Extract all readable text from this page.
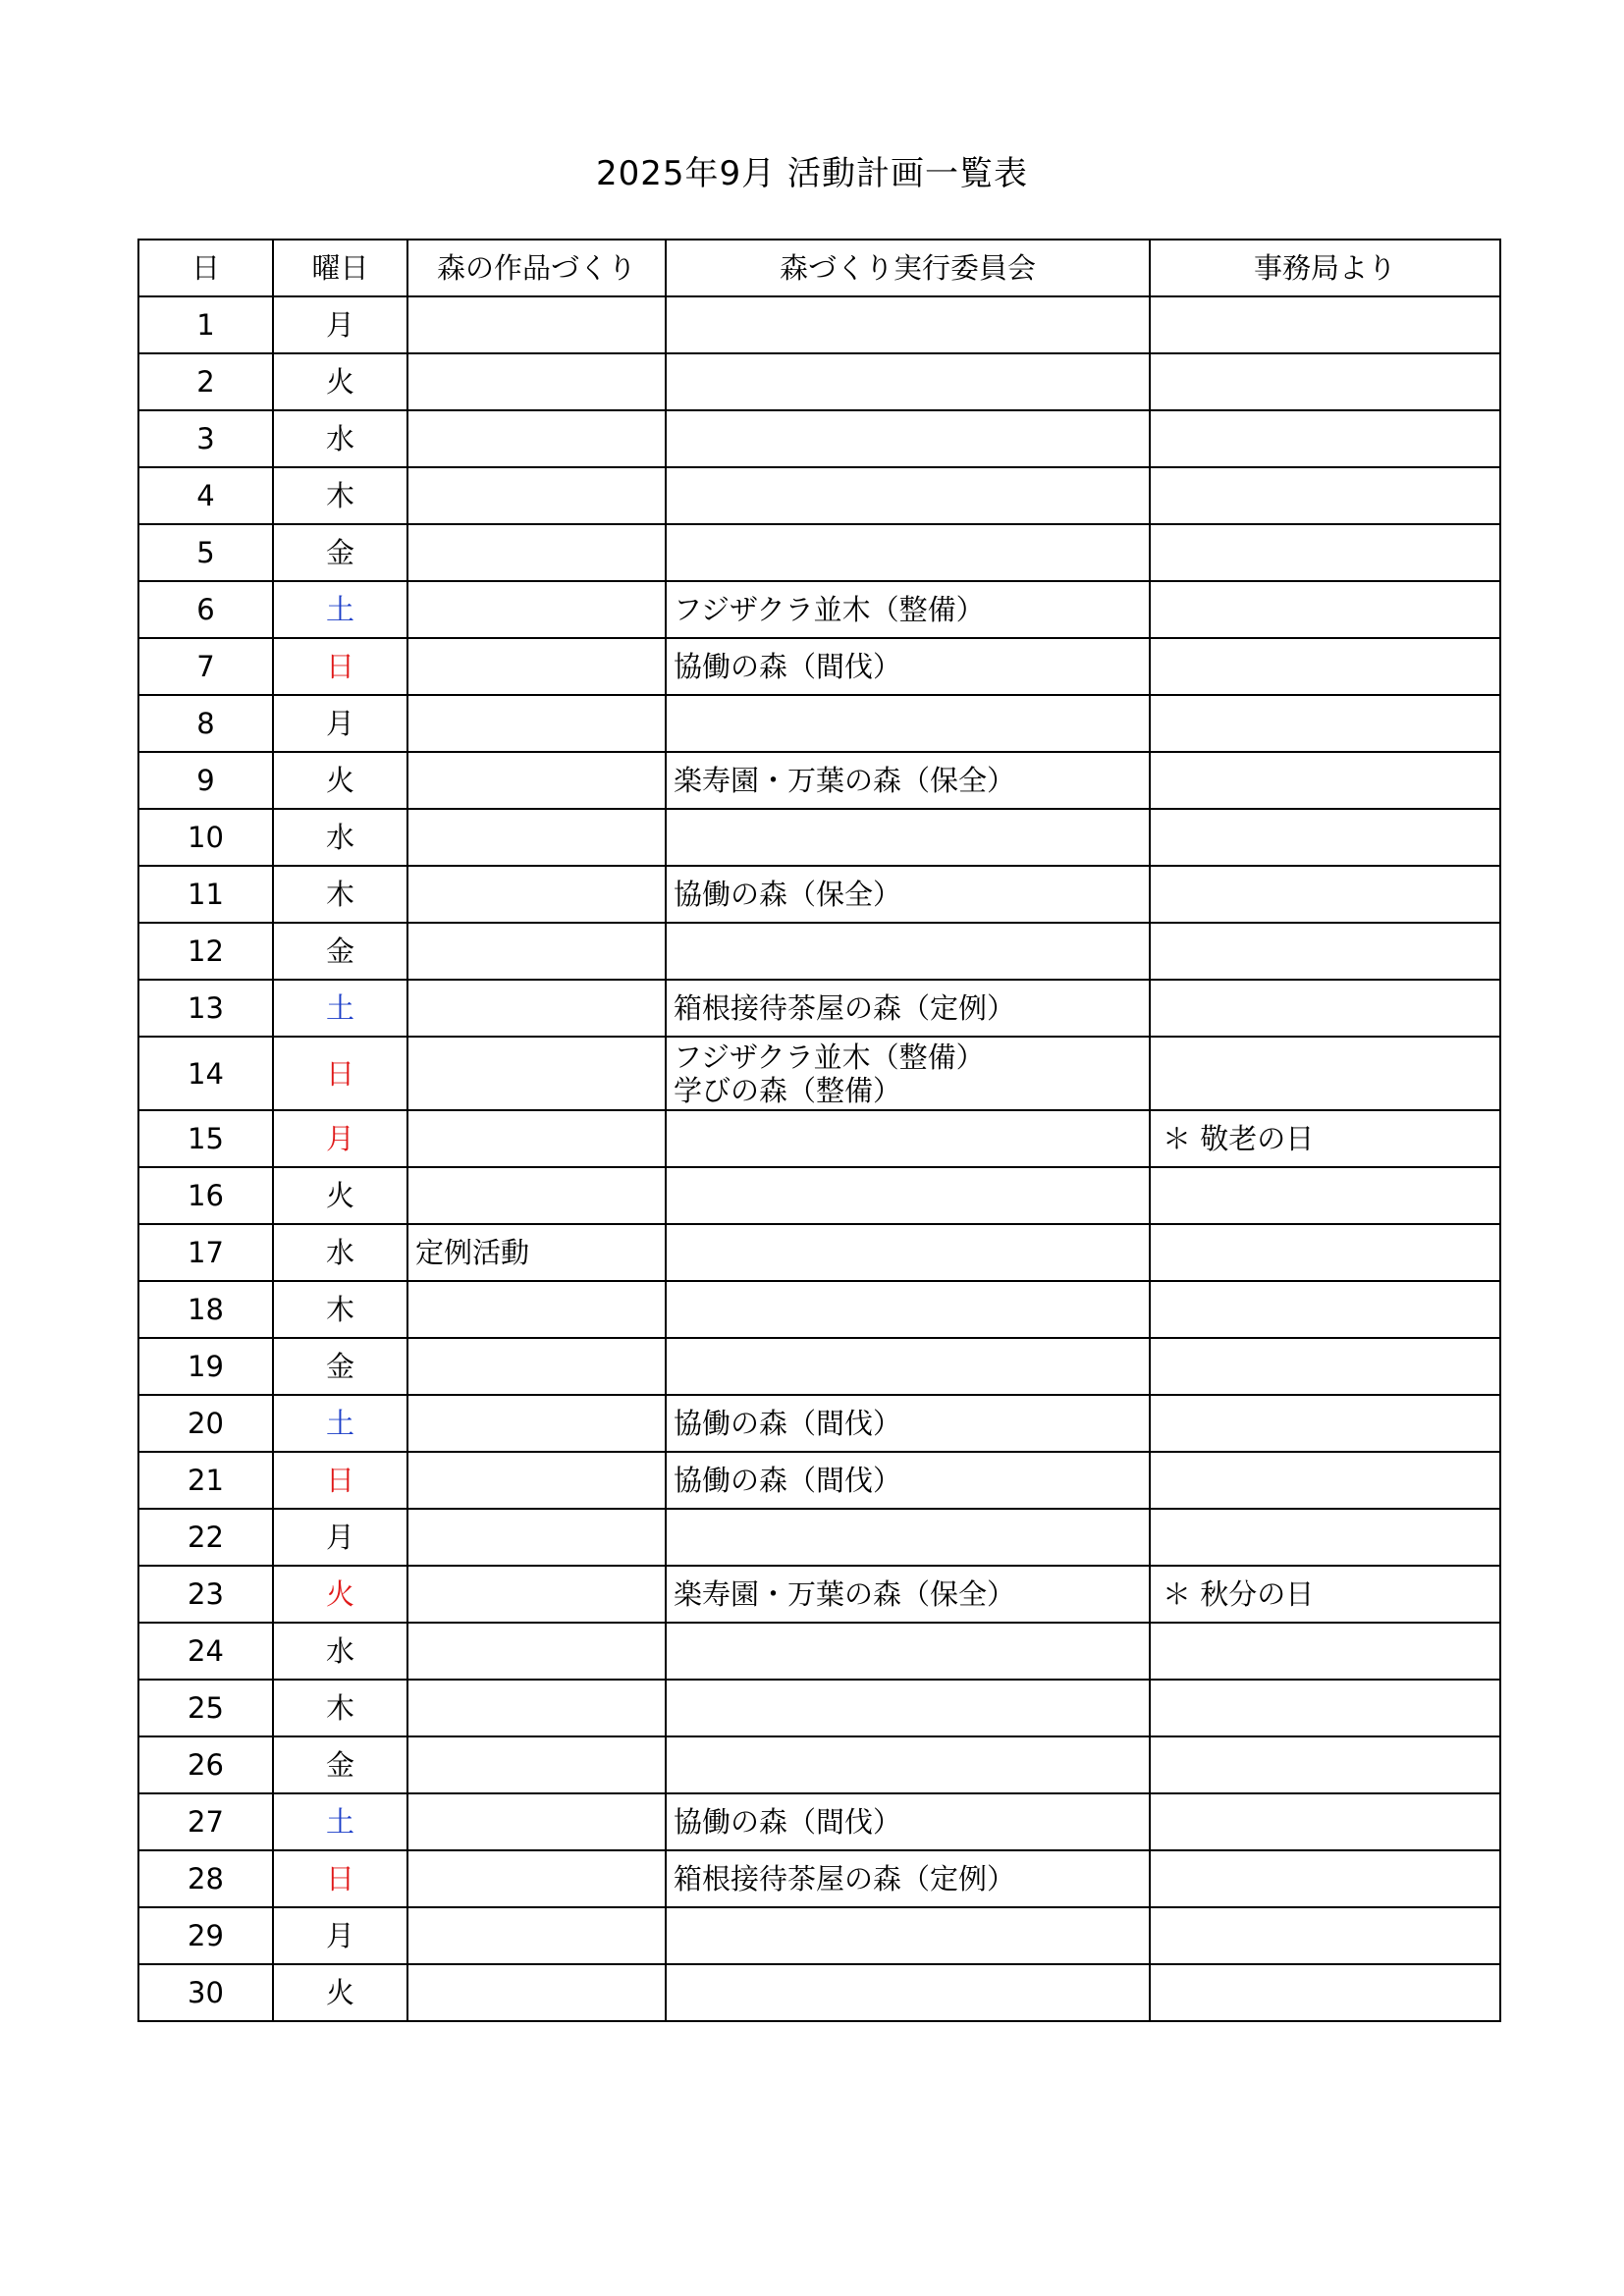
2025年9月 活動計画一覧表
日	曜日	森の作品づくり	森づくり実行委員会	事務局より
1	月			
2	火			
3	水			
4	木			
5	金			
6	土		フジザクラ並木（整備）	

7	日		協働の森（間伐）	

8	月			
9	火		楽寿園・万葉の森（保全）	

10	水			
11	木		協働の森（保全）	

12	金			
13	土		箱根接待茶屋の森（定例）	

14	日		フジザクラ並木（整備）
学びの森（整備）	

15	月			＊ 敬老の日
16	火			
17	水	定例活動		
18	木			
19	金			
20	土		協働の森（間伐）	

21	日		協働の森（間伐）	

22	月			
23	火		楽寿園・万葉の森（保全）	＊ 秋分の日
24	水			
25	木			
26	金			
27	土		協働の森（間伐）	

28	日		箱根接待茶屋の森（定例）	

29	月			
30	火			
